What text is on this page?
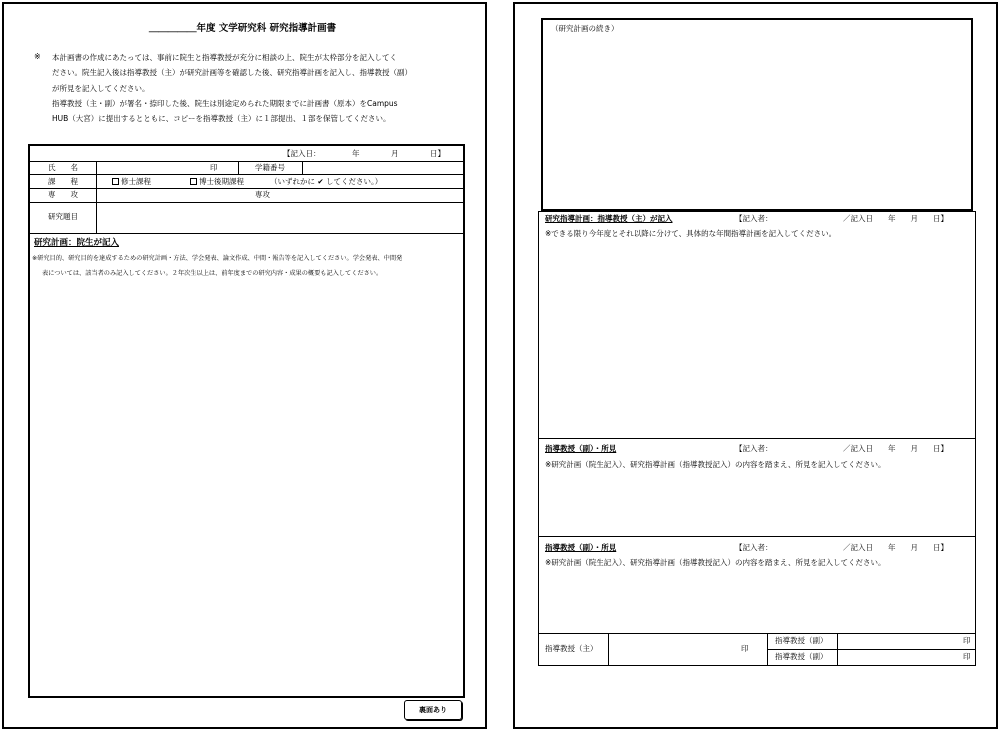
＿＿＿＿＿年度 文学研究科 研究指導計画書
※ 本計画書の作成にあたっては、事前に院生と指導教授が充分に相談の上、院生が太枠部分を記入してく
ださい。院生記入後は指導教授（主）が研究計画等を確認した後、研究指導計画を記入し、指導教授（副）
が所見を記入してください。
指導教授（主・副）が署名・捺印した後、院生は別途定められた期限までに計画書（原本）をCampus
HUB（大宮）に提出するとともに、コピーを指導教授（主）に１部提出、１部を保管してください。
【記入日：	年	月	日】
氏　　名	印	学籍番号
課　　程	修士課程	博士後期課程	（いずれかに ✔ してください。）
専　　攻	専攻
研究題目
研究計画：院生が記入
※研究目的、研究目的を達成するための研究計画・方法、学会発表、論文作成、中間・報告等を記入してください。学会発表、中間発
表については、該当者のみ記入してください。２年次生以上は、前年度までの研究内容・成果の概要も記入してください。
裏面あり
（研究計画の続き）
研究指導計画：指導教授（主）が記入	【記入者：	／記入日　　年　　月　　日】
※できる限り今年度とそれ以降に分けて、具体的な年間指導計画を記入してください。
指導教授（副）・所見	【記入者：	／記入日　　年　　月　　日】
※研究計画（院生記入）、研究指導計画（指導教授記入）の内容を踏まえ、所見を記入してください。
指導教授（副）・所見	【記入者：	／記入日　　年　　月　　日】
※研究計画（院生記入）、研究指導計画（指導教授記入）の内容を踏まえ、所見を記入してください。
指導教授（主）	印
指導教授（副）	印
指導教授（副）	印
